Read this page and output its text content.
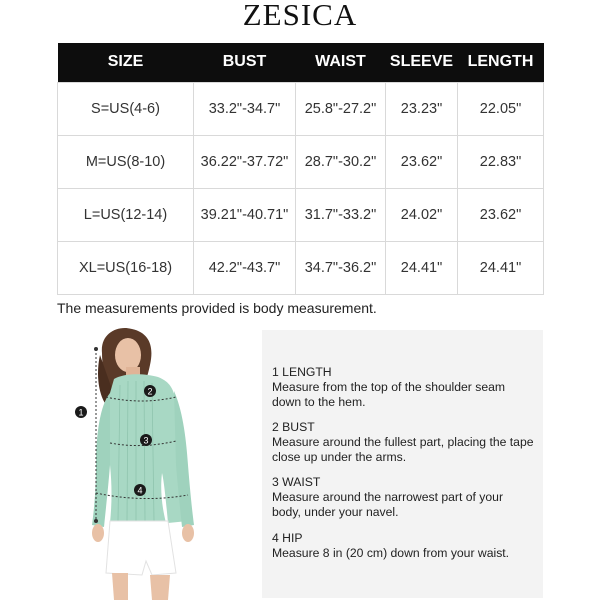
ZESICA
SIZE	BUST	WAIST	SLEEVE	LENGTH
S=US(4-6)	33.2"-34.7"	25.8"-27.2"	23.23"	22.05"
M=US(8-10)	36.22"-37.72"	28.7"-30.2"	23.62"	22.83"
L=US(12-14)	39.21"-40.71"	31.7"-33.2"	24.02"	23.62"
XL=US(16-18)	42.2"-43.7"	34.7"-36.2"	24.41"	24.41"
The measurements provided is body measurement.
1
2
3
4
1 LENGTH
Measure from the top of the shoulder seam down to the hem.
2 BUST
Measure around the fullest part, placing the tape close up under the arms.
3 WAIST
Measure around the narrowest part of your body, under your navel.
4 HIP
Measure 8 in (20 cm) down from your waist.
